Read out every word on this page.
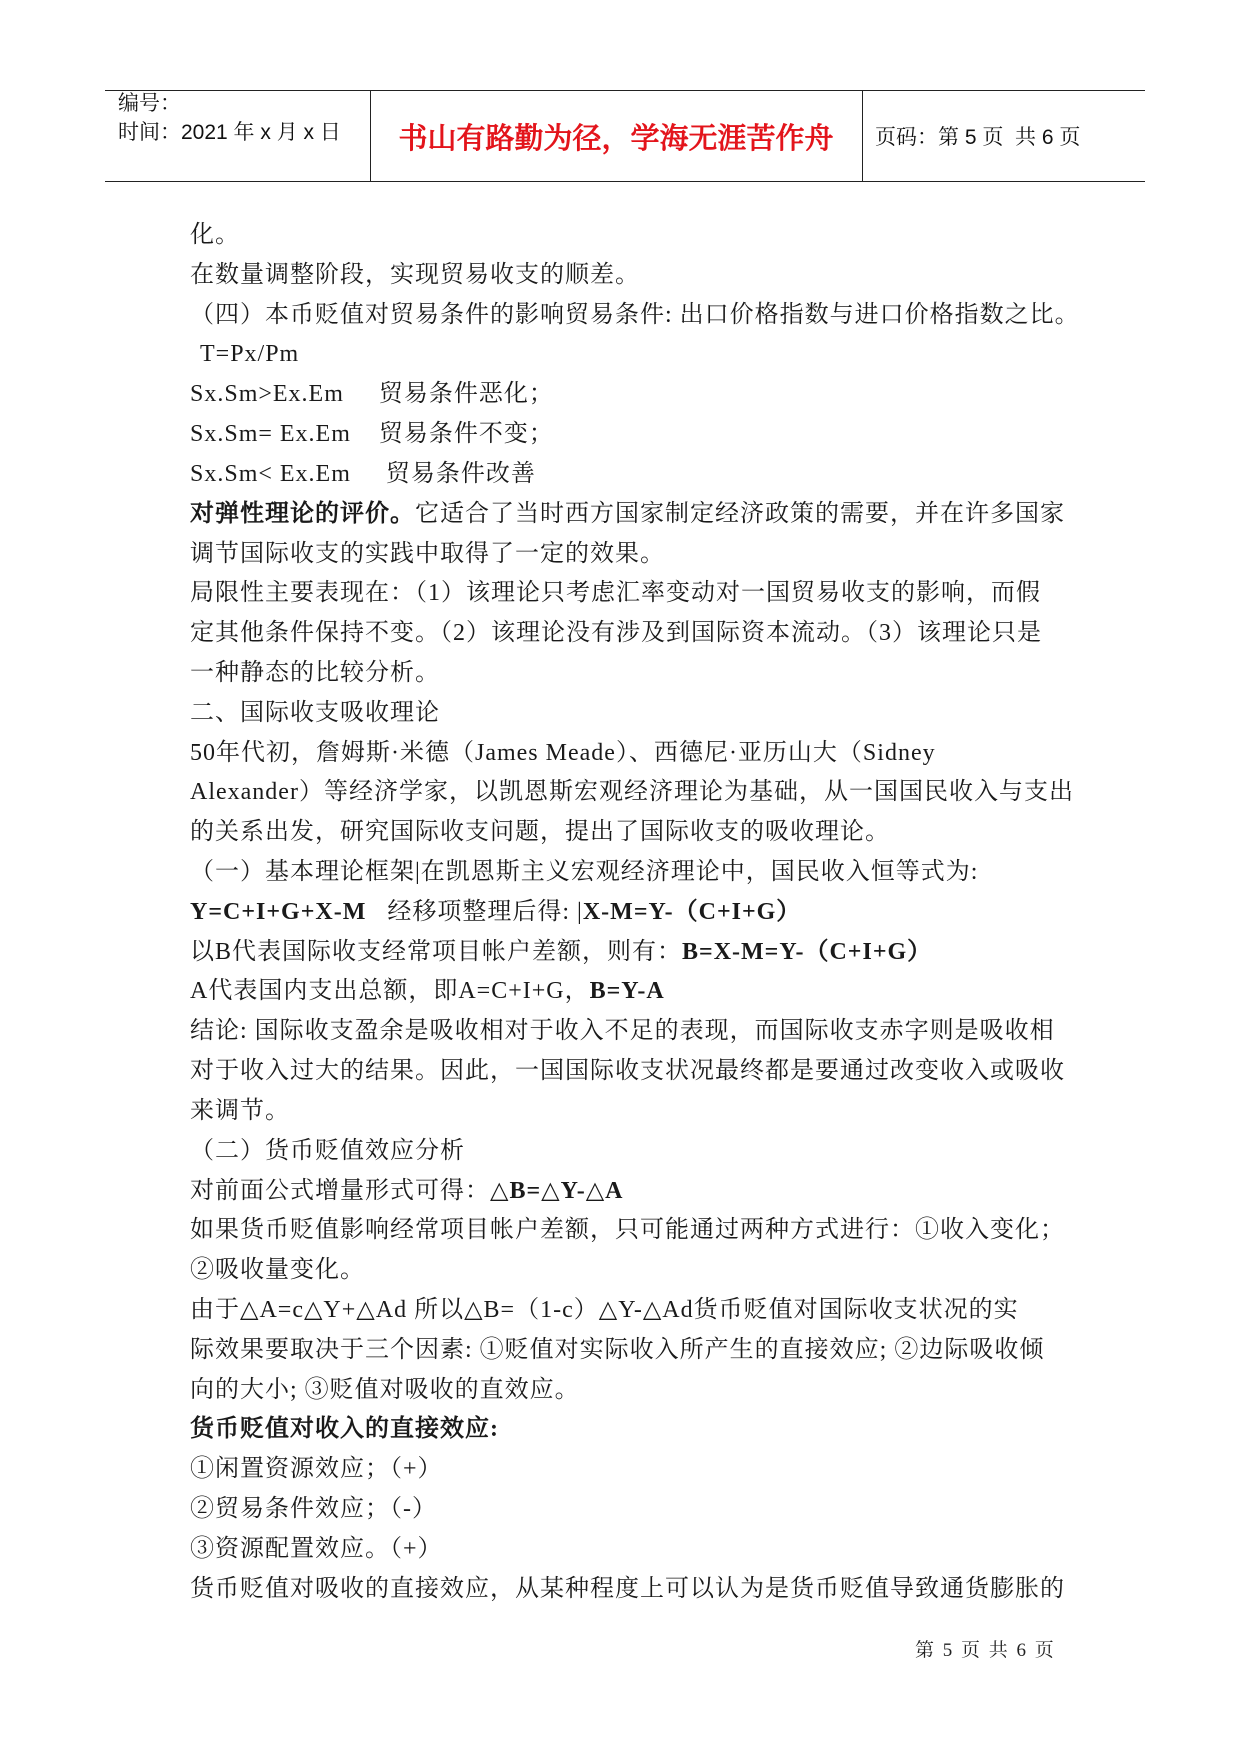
编号：
时间：2021 年 x 月 x 日	书山有路勤为径，学海无涯苦作舟	页码：第 5 页  共 6 页
化。
在数量调整阶段，实现贸易收支的顺差。
（四）本币贬值对贸易条件的影响贸易条件: 出口价格指数与进口价格指数之比。
T=Px/Pm
Sx.Sm>Ex.Em     贸易条件恶化；
Sx.Sm= Ex.Em    贸易条件不变；
Sx.Sm< Ex.Em     贸易条件改善
对弹性理论的评价。它适合了当时西方国家制定经济政策的需要，并在许多国家
调节国际收支的实践中取得了一定的效果。
局限性主要表现在：（1）该理论只考虑汇率变动对一国贸易收支的影响，而假
定其他条件保持不变。（2）该理论没有涉及到国际资本流动。（3）该理论只是
一种静态的比较分析。
二、国际收支吸收理论
50年代初，詹姆斯·米德（James Meade）、西德尼·亚历山大（Sidney
Alexander）等经济学家，以凯恩斯宏观经济理论为基础，从一国国民收入与支出
的关系出发，研究国际收支问题，提出了国际收支的吸收理论。
（一）基本理论框架|在凯恩斯主义宏观经济理论中，国民收入恒等式为:
Y=C+I+G+X-M   经移项整理后得: |X-M=Y-（C+I+G）
以B代表国际收支经常项目帐户差额，则有：B=X-M=Y-（C+I+G）
A代表国内支出总额，即A=C+I+G，B=Y-A
结论: 国际收支盈余是吸收相对于收入不足的表现，而国际收支赤字则是吸收相
对于收入过大的结果。因此，一国国际收支状况最终都是要通过改变收入或吸收
来调节。
（二）货币贬值效应分析
对前面公式增量形式可得：△B=△Y-△A
如果货币贬值影响经常项目帐户差额，只可能通过两种方式进行：①收入变化；
②吸收量变化。
由于△A=c△Y+△Ad 所以△B=（1-c）△Y-△Ad货币贬值对国际收支状况的实
际效果要取决于三个因素: ①贬值对实际收入所产生的直接效应; ②边际吸收倾
向的大小; ③贬值对吸收的直效应。
货币贬值对收入的直接效应:
①闲置资源效应；（+）
②贸易条件效应；（-）
③资源配置效应。（+）
货币贬值对吸收的直接效应，从某种程度上可以认为是货币贬值导致通货膨胀的
第 5 页 共 6 页
